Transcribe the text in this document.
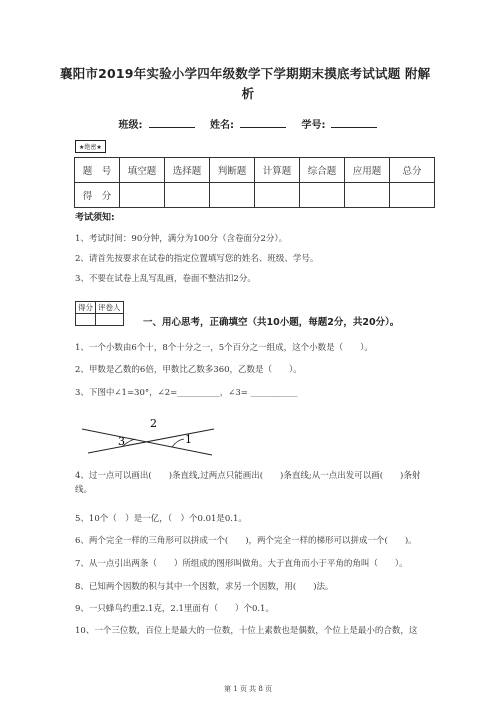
襄阳市2019年实验小学四年级数学下学期期末摸底考试试题 附解
析
班级:	姓名:	学号:
★绝密★
题　号	填空题	选择题	判断题	计算题	综合题	应用题	总分
得　分							
考试须知:
1、考试时间：90分钟，满分为100分（含卷面分2分）。
2、请首先按要求在试卷的指定位置填写您的姓名、班级、学号。
3、不要在试卷上乱写乱画，卷面不整洁扣2分。
得分	评卷人

一、用心思考，正确填空（共10小题，每题2分，共20分）。
1、一个小数由6个十，8个十分之一，5个百分之一组成，这个小数是（　　）。
2、甲数是乙数的6倍，甲数比乙数多360，乙数是（　　）。
3、下图中∠1=30°，∠2=__________，∠3= ___________
3
2
1
4、过一点可以画出(　　)条直线,过两点只能画出(　　)条直线;从一点出发可以画(　　)条射线。
5、10个（　）是一亿，（　）个0.01是0.1。
6、两个完全一样的三角形可以拼成一个(　　)，两个完全一样的梯形可以拼成一个(　　)。
7、从一点引出两条（　　）所组成的图形叫做角。大于直角而小于平角的角叫（　　）。
8、已知两个因数的积与其中一个因数，求另一个因数，用(　　)法。
9、一只蜂鸟约重2.1克，2.1里面有（　　）个0.1。
10、一个三位数，百位上是最大的一位数，十位上素数也是偶数，个位上是最小的合数，这
第 1 页 共 8 页
